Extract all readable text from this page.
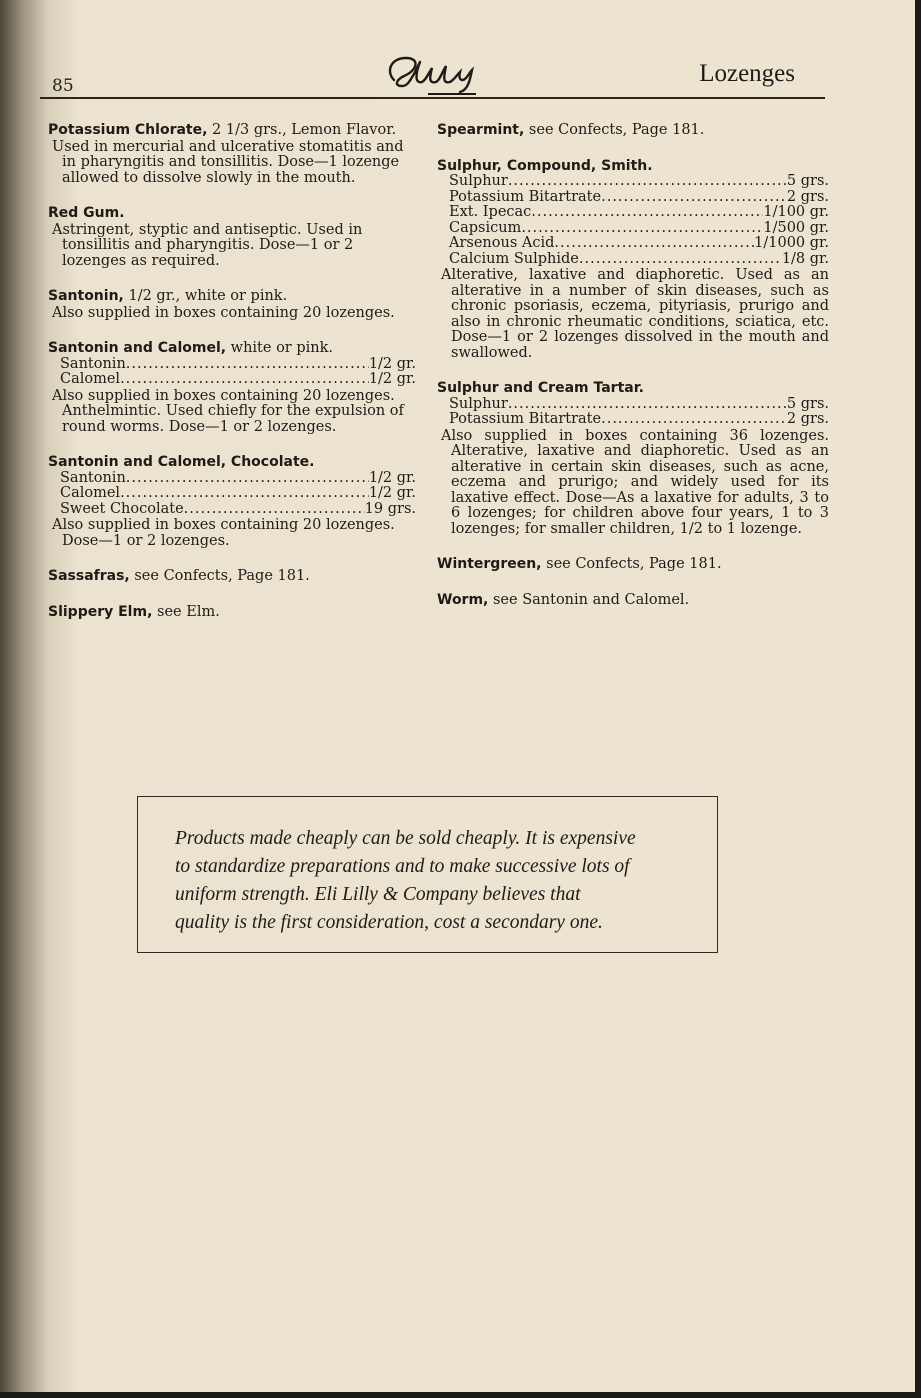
85	Lozenges
Potassium Chlorate, 2 1/3 grs., Lemon Flavor.
Used in mercurial and ulcerative stomatitis and in pharyngitis and tonsillitis. Dose—1 lozenge allowed to dissolve slowly in the mouth.
Red Gum.
Astringent, styptic and antiseptic. Used in tonsillitis and pharyngitis. Dose—1 or 2 lozenges as required.
Santonin, 1/2 gr., white or pink.
Also supplied in boxes containing 20 lozenges.
Santonin and Calomel, white or pink.
Santonin .....	1/2 gr.
Calomel .....	1/2 gr.
Also supplied in boxes containing 20 lozenges. Anthelmintic. Used chiefly for the expulsion of round worms. Dose—1 or 2 lozenges.
Santonin and Calomel, Chocolate.
Santonin .....	1/2 gr.
Calomel .....	1/2 gr.
Sweet Chocolate .....	19 grs.
Also supplied in boxes containing 20 lozenges. Dose—1 or 2 lozenges.
Sassafras, see Confects, Page 181.
Slippery Elm, see Elm.
Spearmint, see Confects, Page 181.
Sulphur, Compound, Smith.
Sulphur .....	5 grs.
Potassium Bitartrate .....	2 grs.
Ext. Ipecac .....	1/100 gr.
Capsicum .....	1/500 gr.
Arsenous Acid .....	1/1000 gr.
Calcium Sulphide .....	1/8 gr.
Alterative, laxative and diaphoretic. Used as an alterative in a number of skin diseases, such as chronic psoriasis, eczema, pityriasis, prurigo and also in chronic rheumatic conditions, sciatica, etc. Dose—1 or 2 lozenges dissolved in the mouth and swallowed.
Sulphur and Cream Tartar.
Sulphur .....	5 grs.
Potassium Bitartrate .....	2 grs.
Also supplied in boxes containing 36 lozenges. Alterative, laxative and diaphoretic. Used as an alterative in certain skin diseases, such as acne, eczema and prurigo; and widely used for its laxative effect. Dose—As a laxative for adults, 3 to 6 lozenges; for children above four years, 1 to 3 lozenges; for smaller children, 1/2 to 1 lozenge.
Wintergreen, see Confects, Page 181.
Worm, see Santonin and Calomel.
Products made cheaply can be sold cheaply. It is expensive
to standardize preparations and to make successive lots of
uniform strength. Eli Lilly & Company believes that
quality is the first consideration, cost a secondary one.
